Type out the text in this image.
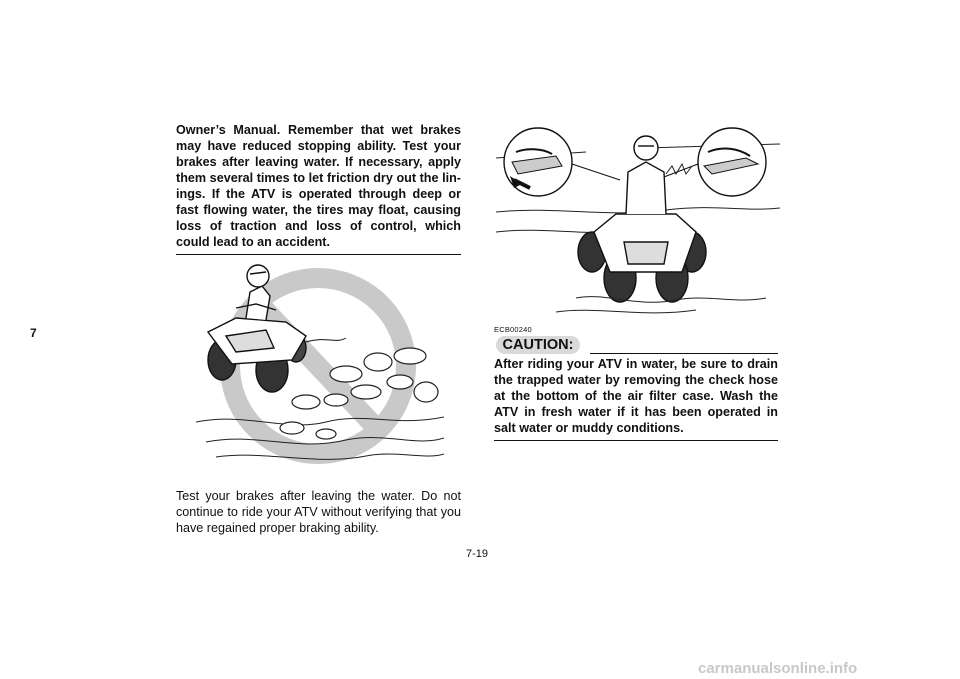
7
Owner’s Manual. Remember that wet brakes may have reduced stopping ability. Test your brakes after leaving water. If necessary, apply them several times to let friction dry out the lin-ings. If the ATV is operated through deep or fast flowing water, the tires may float, causing loss of traction and loss of control, which could lead to an accident.
Test your brakes after leaving the water. Do not continue to ride your ATV without verifying that you have regained proper braking ability.
ECB00240
CAUTION:
After riding your ATV in water, be sure to drain the trapped water by removing the check hose at the bottom of the air filter case. Wash the ATV in fresh water if it has been operated in salt water or muddy conditions.
7-19
carmanualsonline.info
